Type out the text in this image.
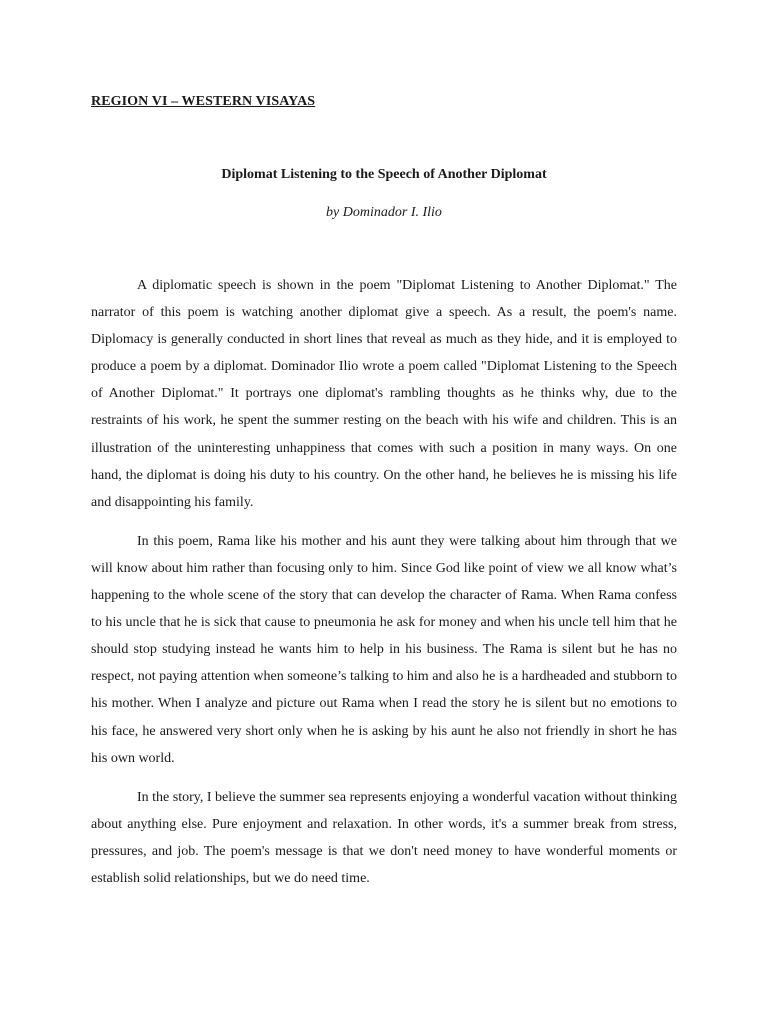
REGION VI – WESTERN VISAYAS

Diplomat Listening to the Speech of Another Diplomat

by Dominador I. Ilio

A diplomatic speech is shown in the poem "Diplomat Listening to Another Diplomat." The narrator of this poem is watching another diplomat give a speech. As a result, the poem's name. Diplomacy is generally conducted in short lines that reveal as much as they hide, and it is employed to produce a poem by a diplomat. Dominador Ilio wrote a poem called "Diplomat Listening to the Speech of Another Diplomat." It portrays one diplomat's rambling thoughts as he thinks why, due to the restraints of his work, he spent the summer resting on the beach with his wife and children. This is an illustration of the uninteresting unhappiness that comes with such a position in many ways. On one hand, the diplomat is doing his duty to his country. On the other hand, he believes he is missing his life and disappointing his family.

In this poem, Rama like his mother and his aunt they were talking about him through that we will know about him rather than focusing only to him. Since God like point of view we all know what’s happening to the whole scene of the story that can develop the character of Rama. When Rama confess to his uncle that he is sick that cause to pneumonia he ask for money and when his uncle tell him that he should stop studying instead he wants him to help in his business. The Rama is silent but he has no respect, not paying attention when someone’s talking to him and also he is a hardheaded and stubborn to his mother. When I analyze and picture out Rama when I read the story he is silent but no emotions to his face, he answered very short only when he is asking by his aunt he also not friendly in short he has his own world.

In the story, I believe the summer sea represents enjoying a wonderful vacation without thinking about anything else. Pure enjoyment and relaxation. In other words, it's a summer break from stress, pressures, and job. The poem's message is that we don't need money to have wonderful moments or establish solid relationships, but we do need time.
